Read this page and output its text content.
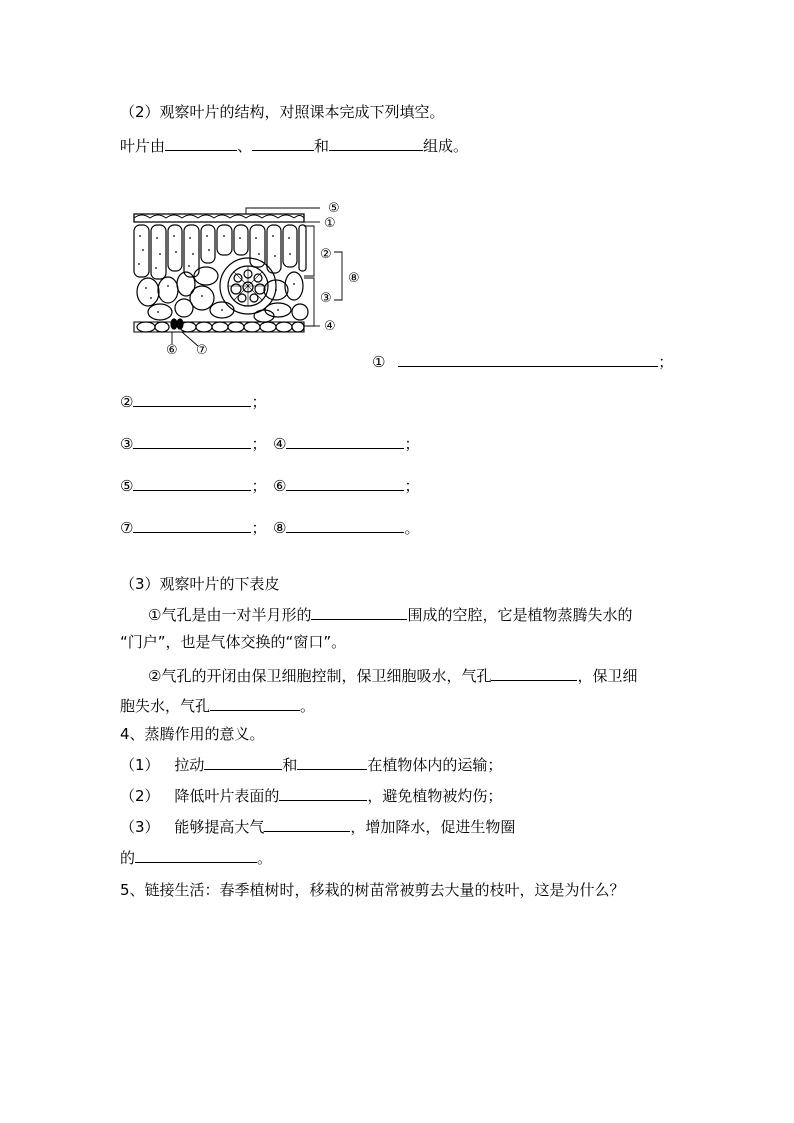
（2）观察叶片的结构，对照课本完成下列填空。
叶片由	、	和	组成。
⑤
①
②
⑧
③
④
⑥ ⑦
①	；
②	；
③	； ④	；
⑤	； ⑥	；
⑦	； ⑧	。
（3）观察叶片的下表皮
①气孔是由一对半月形的	围成的空腔，它是植物蒸腾失水的
“门户”，也是气体交换的“窗口”。
②气孔的开闭由保卫细胞控制，保卫细胞吸水，气孔	，保卫细
胞失水，气孔	。
4、蒸腾作用的意义。
（1） 拉动	和	在植物体内的运输；
（2） 降低叶片表面的	，避免植物被灼伤；
（3） 能够提高大气	，增加降水，促进生物圈
的	。
5、链接生活：春季植树时，移栽的树苗常被剪去大量的枝叶，这是为什么？
